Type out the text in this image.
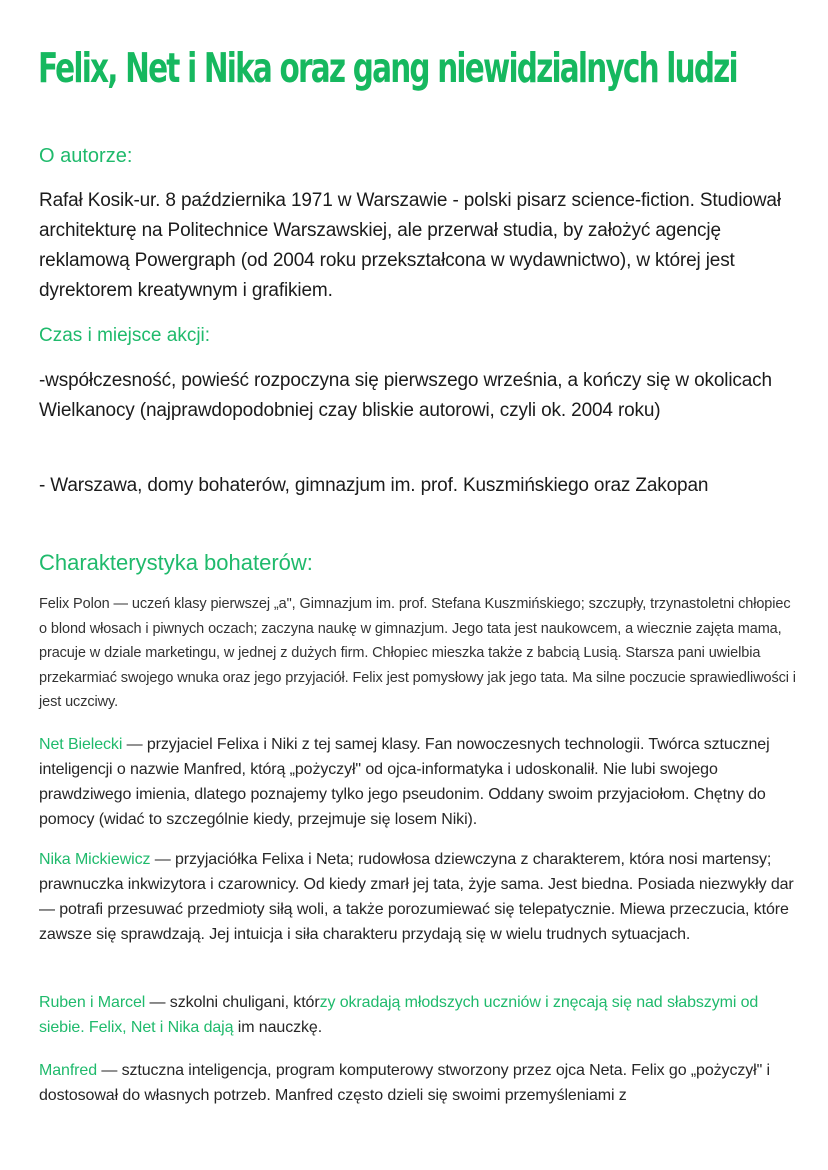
Felix, Net i Nika oraz gang niewidzialnych ludzi
O autorze:

Rafał Kosik-ur. 8 października 1971 w Warszawie - polski pisarz science-fiction. Studiował architekturę na Politechnice Warszawskiej, ale przerwał studia, by założyć agencję reklamową Powergraph (od 2004 roku przekształcona w wydawnictwo), w której jest dyrektorem kreatywnym i grafikiem.

Czas i miejsce akcji:

-współczesność, powieść rozpoczyna się pierwszego września, a kończy się w okolicach Wielkanocy (najprawdopodobniej czay bliskie autorowi, czyli ok. 2004 roku)

- Warszawa, domy bohaterów, gimnazjum im. prof. Kuszmińskiego oraz Zakopan

Charakterystyka bohaterów:

Felix Polon — uczeń klasy pierwszej „a", Gimnazjum im. prof. Stefana Kuszmińskiego; szczupły, trzynastoletni chłopiec o blond włosach i piwnych oczach; zaczyna naukę w gimnazjum. Jego tata jest naukowcem, a wiecznie zajęta mama, pracuje w dziale marketingu, w jednej z dużych firm. Chłopiec mieszka także z babcią Lusią. Starsza pani uwielbia przekarmiać swojego wnuka oraz jego przyjaciół. Felix jest pomysłowy jak jego tata. Ma silne poczucie sprawiedliwości i jest uczciwy.

Net Bielecki — przyjaciel Felixa i Niki z tej samej klasy. Fan nowoczesnych technologii. Twórca sztucznej inteligencji o nazwie Manfred, którą „pożyczył" od ojca-informatyka i udoskonalił. Nie lubi swojego prawdziwego imienia, dlatego poznajemy tylko jego pseudonim. Oddany swoim przyjaciołom. Chętny do pomocy (widać to szczególnie kiedy, przejmuje się losem Niki).

Nika Mickiewicz — przyjaciółka Felixa i Neta; rudowłosa dziewczyna z charakterem, która nosi martensy; prawnuczka inkwizytora i czarownicy. Od kiedy zmarł jej tata, żyje sama. Jest biedna. Posiada niezwykły dar — potrafi przesuwać przedmioty siłą woli, a także porozumiewać się telepatycznie. Miewa przeczucia, które zawsze się sprawdzają. Jej intuicja i siła charakteru przydają się w wielu trudnych sytuacjach.

Ruben i Marcel — szkolni chuligani, którzy okradają młodszych uczniów i znęcają się nad słabszymi od siebie. Felix, Net i Nika dają im nauczkę.

Manfred — sztuczna inteligencja, program komputerowy stworzony przez ojca Neta. Felix go „pożyczył" i dostosował do własnych potrzeb. Manfred często dzieli się swoimi przemyśleniami z
